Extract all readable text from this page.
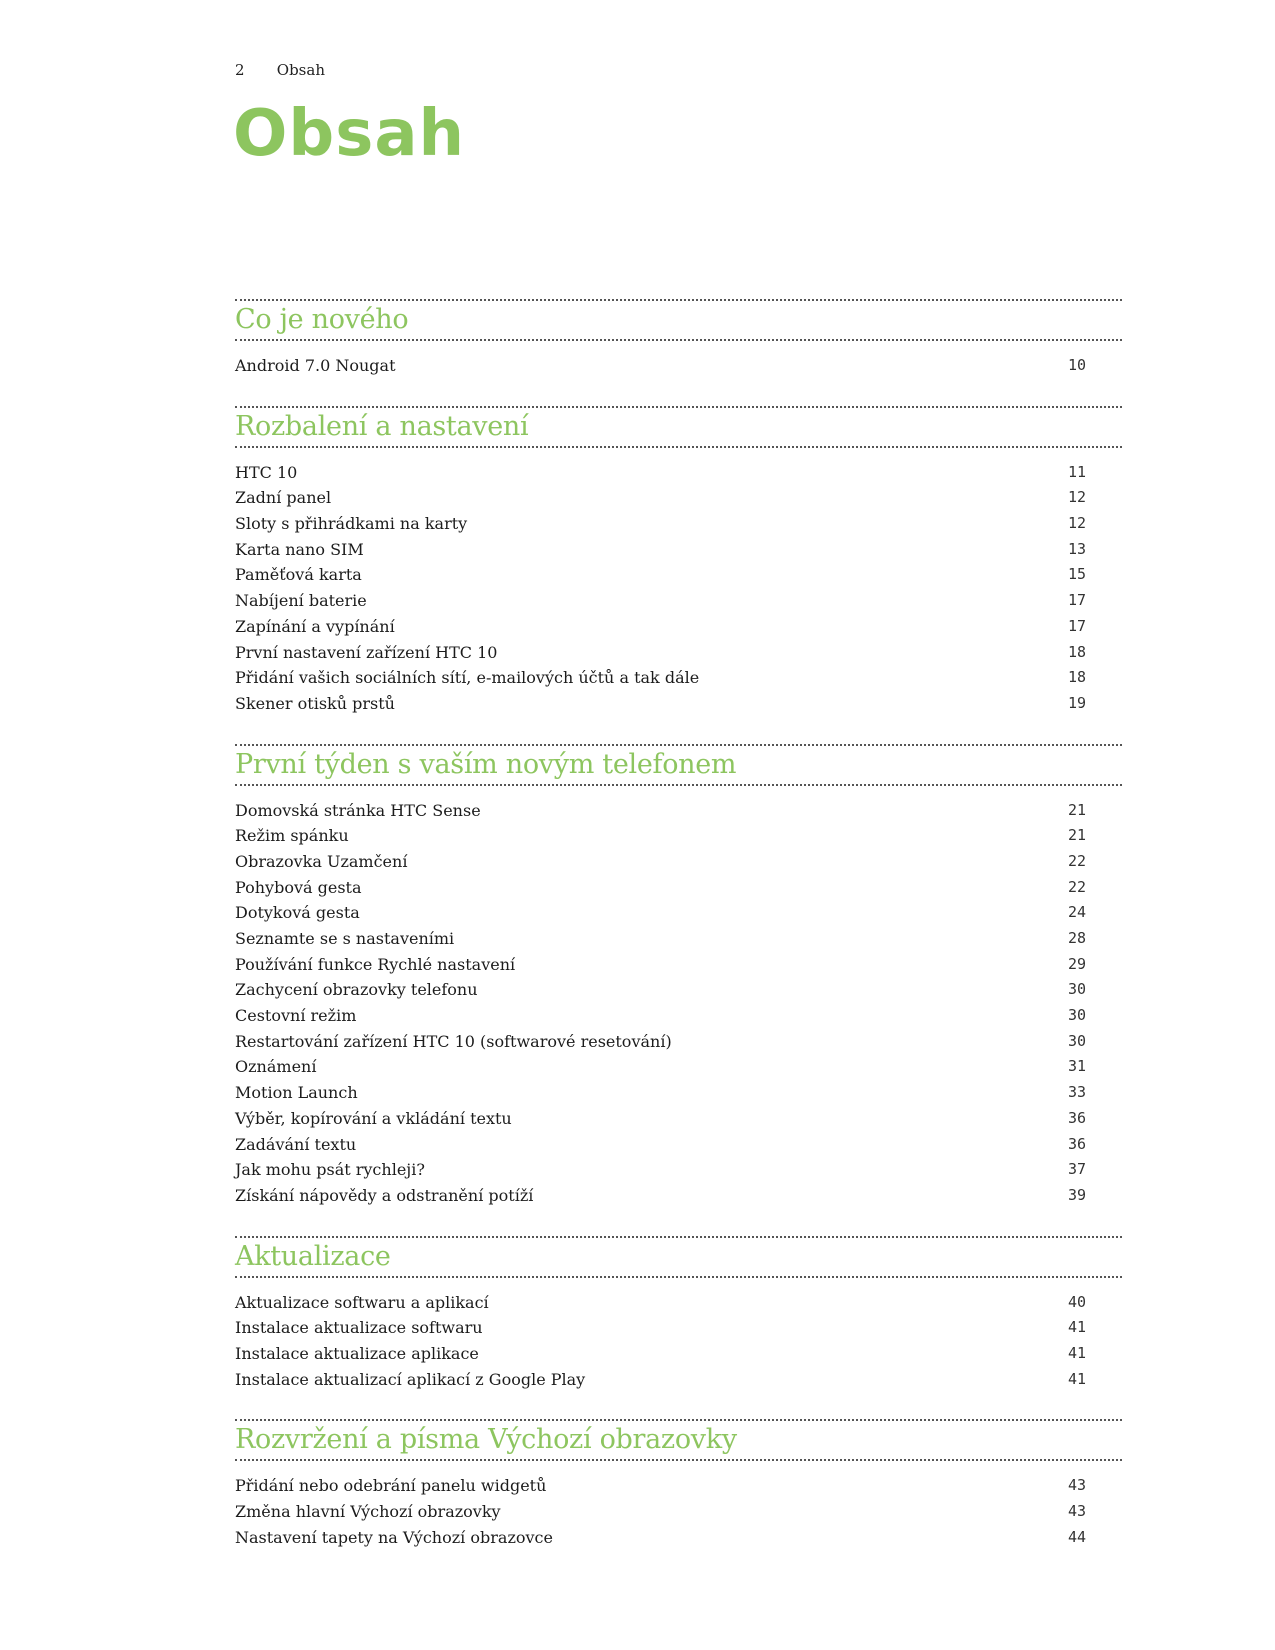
2 Obsah
Obsah
Co je nového
Android 7.0 Nougat	10
Rozbalení a nastavení
HTC 10	11
Zadní panel	12
Sloty s přihrádkami na karty	12
Karta nano SIM	13
Paměťová karta	15
Nabíjení baterie	17
Zapínání a vypínání	17
První nastavení zařízení HTC 10	18
Přidání vašich sociálních sítí, e-mailových účtů a tak dále	18
Skener otisků prstů	19
První týden s vaším novým telefonem
Domovská stránka HTC Sense	21
Režim spánku	21
Obrazovka Uzamčení	22
Pohybová gesta	22
Dotyková gesta	24
Seznamte se s nastaveními	28
Používání funkce Rychlé nastavení	29
Zachycení obrazovky telefonu	30
Cestovní režim	30
Restartování zařízení HTC 10 (softwarové resetování)	30
Oznámení	31
Motion Launch	33
Výběr, kopírování a vkládání textu	36
Zadávání textu	36
Jak mohu psát rychleji?	37
Získání nápovědy a odstranění potíží	39
Aktualizace
Aktualizace softwaru a aplikací	40
Instalace aktualizace softwaru	41
Instalace aktualizace aplikace	41
Instalace aktualizací aplikací z Google Play	41
Rozvržení a písma Výchozí obrazovky
Přidání nebo odebrání panelu widgetů	43
Změna hlavní Výchozí obrazovky	43
Nastavení tapety na Výchozí obrazovce	44
